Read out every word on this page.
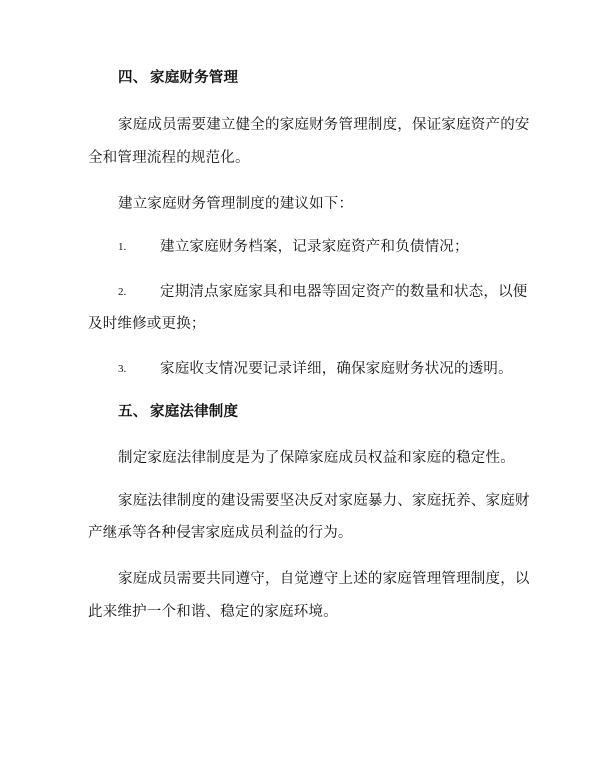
四、 家庭财务管理
家庭成员需要建立健全的家庭财务管理制度，保证家庭资产的安
全和管理流程的规范化。
建立家庭财务管理制度的建议如下：
1. 建立家庭财务档案，记录家庭资产和负债情况；
2. 定期清点家庭家具和电器等固定资产的数量和状态，以便
及时维修或更换；
3. 家庭收支情况要记录详细，确保家庭财务状况的透明。
五、 家庭法律制度
制定家庭法律制度是为了保障家庭成员权益和家庭的稳定性。
家庭法律制度的建设需要坚决反对家庭暴力、家庭抚养、家庭财
产继承等各种侵害家庭成员利益的行为。
家庭成员需要共同遵守，自觉遵守上述的家庭管理管理制度，以
此来维护一个和谐、稳定的家庭环境。
